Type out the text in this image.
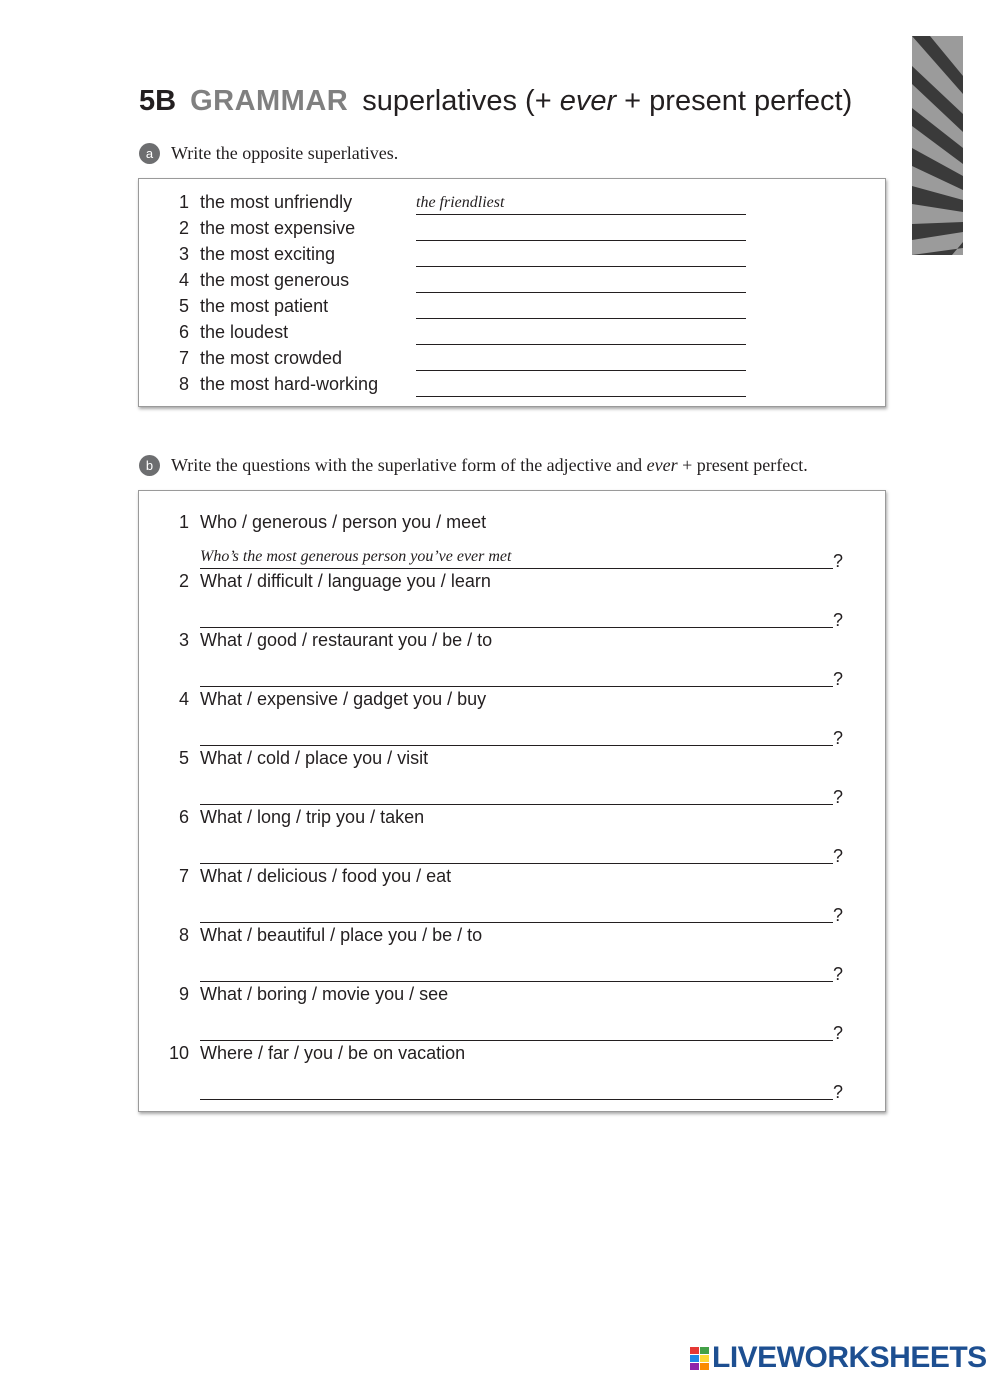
5B GRAMMAR superlatives (+ ever + present perfect)
a Write the opposite superlatives.
1 the most unfriendly	the friendliest
2 the most expensive
3 the most exciting
4 the most generous
5 the most patient
6 the loudest
7 the most crowded
8 the most hard-working
b Write the questions with the superlative form of the adjective and ever + present perfect.
1 Who / generous / person you / meet
Who’s the most generous person you’ve ever met	?
2 What / difficult / language you / learn
?
3 What / good / restaurant you / be / to
?
4 What / expensive / gadget you / buy
?
5 What / cold / place you / visit
?
6 What / long / trip you / taken
?
7 What / delicious / food you / eat
?
8 What / beautiful / place you / be / to
?
9 What / boring / movie you / see
?
10 Where / far / you / be on vacation
?
LIVEWORKSHEETS
